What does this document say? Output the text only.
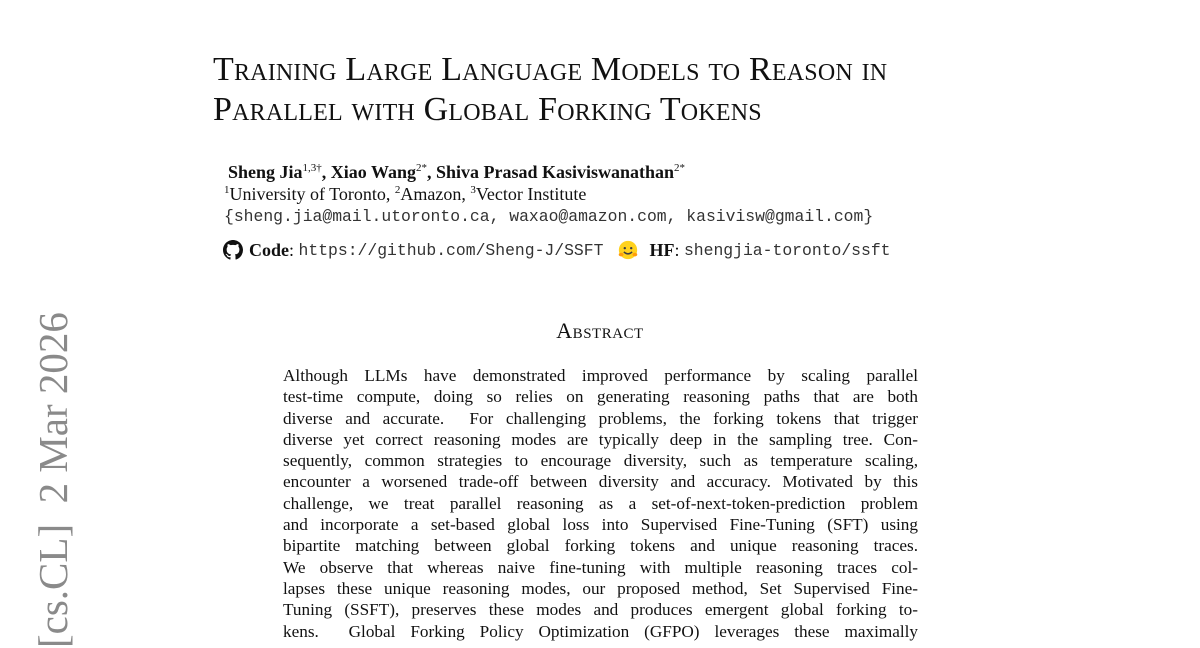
Training Large Language Models to Reason in
Parallel with Global Forking Tokens
Sheng Jia$^{1,3\dagger}$, Xiao Wang$^{2*}$, Shiva Prasad Kasiviswanathan$^{2*}$
$^1$University of Toronto, $^2$Amazon, $^3$Vector Institute
{sheng.jia@mail.utoronto.ca, waxao@amazon.com, kasivisw@gmail.com}
Code : https://github.com/Sheng-J/SSFT	HF : shengjia-toronto/ssft
Abstract
Although LLMs have demonstrated improved performance by scaling parallel
test-time compute, doing so relies on generating reasoning paths that are both
diverse and accurate.  For challenging problems, the forking tokens that trigger
diverse yet correct reasoning modes are typically deep in the sampling tree. Con-
sequently, common strategies to encourage diversity, such as temperature scaling,
encounter a worsened trade-off between diversity and accuracy. Motivated by this
challenge, we treat parallel reasoning as a set-of-next-token-prediction problem
and incorporate a set-based global loss into Supervised Fine-Tuning (SFT) using
bipartite matching between global forking tokens and unique reasoning traces.
We observe that whereas naive fine-tuning with multiple reasoning traces col-
lapses these unique reasoning modes, our proposed method, Set Supervised Fine-
Tuning (SSFT), preserves these modes and produces emergent global forking to-
kens.  Global Forking Policy Optimization (GFPO) leverages these maximally
[cs.CL]  2 Mar 2026
